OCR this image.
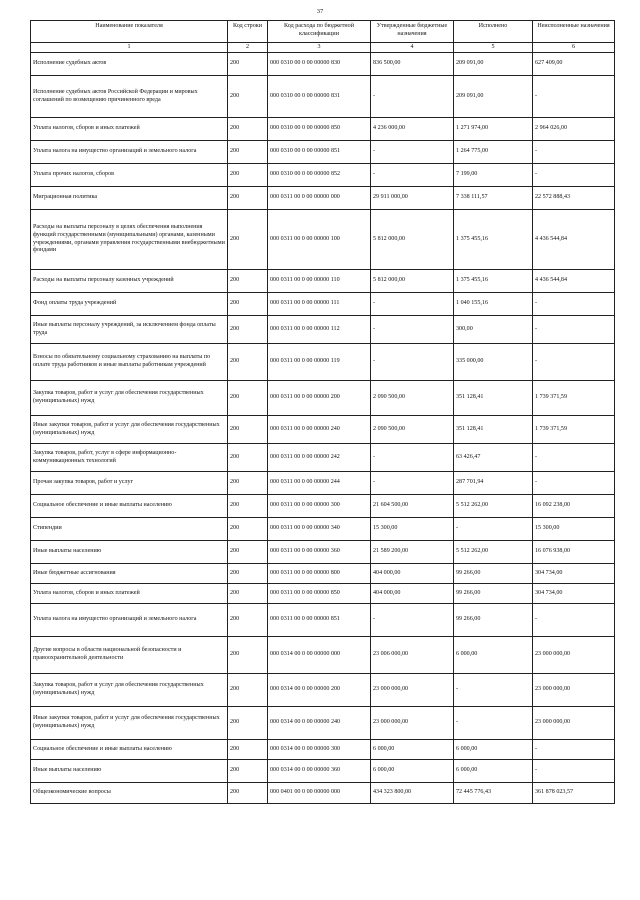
37
Наименование показателя	Код строки	Код расхода по бюджетной классификации	Утвержденные бюджетные назначения	Исполнено	Неисполненные назначения
1	2	3	4	5	6
Исполнение судебных актов	200	000 0310 00 0 00 00000 830	836 500,00	209 091,00	627 409,00
Исполнение судебных актов Российской Федерации и мировых соглашений по возмещению причиненного вреда	200	000 0310 00 0 00 00000 831	-	209 091,00	-
Уплата налогов, сборов и иных платежей	200	000 0310 00 0 00 00000 850	4 236 000,00	1 271 974,00	2 964 026,00
Уплата налога на имущество организаций и земельного налога	200	000 0310 00 0 00 00000 851	-	1 264 775,00	-
Уплата прочих налогов, сборов	200	000 0310 00 0 00 00000 852	-	7 199,00	-
Миграционная политика	200	000 0311 00 0 00 00000 000	29 911 000,00	7 338 111,57	22 572 888,43
Расходы на выплаты персоналу в целях обеспечения выполнения функций государственными (муниципальными) органами, казенными учреждениями, органами управления государственными внебюджетными фондами	200	000 0311 00 0 00 00000 100	5 812 000,00	1 375 455,16	4 436 544,84
Расходы на выплаты персоналу казенных учреждений	200	000 0311 00 0 00 00000 110	5 812 000,00	1 375 455,16	4 436 544,84
Фонд оплаты труда учреждений	200	000 0311 00 0 00 00000 111	-	1 040 155,16	-
Иные выплаты персоналу учреждений, за исключением фонда оплаты труда	200	000 0311 00 0 00 00000 112	-	300,00	-
Взносы по обязательному социальному страхованию на выплаты по оплате труда работников и иные выплаты работникам учреждений	200	000 0311 00 0 00 00000 119	-	335 000,00	-
Закупка товаров, работ и услуг для обеспечения государственных (муниципальных) нужд	200	000 0311 00 0 00 00000 200	2 090 500,00	351 128,41	1 739 371,59
Иные закупки товаров, работ и услуг для обеспечения государственных (муниципальных) нужд	200	000 0311 00 0 00 00000 240	2 090 500,00	351 128,41	1 739 371,59
Закупка товаров, работ, услуг в сфере информационно-коммуникационных технологий	200	000 0311 00 0 00 00000 242	-	63 426,47	-
Прочая закупка товаров, работ и услуг	200	000 0311 00 0 00 00000 244	-	287 701,94	-
Социальное обеспечение и иные выплаты населению	200	000 0311 00 0 00 00000 300	21 604 500,00	5 512 262,00	16 092 238,00
Стипендии	200	000 0311 00 0 00 00000 340	15 300,00	-	15 300,00
Иные выплаты населению	200	000 0311 00 0 00 00000 360	21 589 200,00	5 512 262,00	16 076 938,00
Иные бюджетные ассигнования	200	000 0311 00 0 00 00000 800	404 000,00	99 266,00	304 734,00
Уплата налогов, сборов и иных платежей	200	000 0311 00 0 00 00000 850	404 000,00	99 266,00	304 734,00
Уплата налога на имущество организаций и земельного налога	200	000 0311 00 0 00 00000 851	-	99 266,00	-
Другие вопросы в области национальной безопасности и правоохранительной деятельности	200	000 0314 00 0 00 00000 000	23 006 000,00	6 000,00	23 000 000,00
Закупка товаров, работ и услуг для обеспечения государственных (муниципальных) нужд	200	000 0314 00 0 00 00000 200	23 000 000,00	-	23 000 000,00
Иные закупки товаров, работ и услуг для обеспечения государственных (муниципальных) нужд	200	000 0314 00 0 00 00000 240	23 000 000,00	-	23 000 000,00
Социальное обеспечение и иные выплаты населению	200	000 0314 00 0 00 00000 300	6 000,00	6 000,00	-
Иные выплаты населению	200	000 0314 00 0 00 00000 360	6 000,00	6 000,00	-
Общеэкономические вопросы	200	000 0401 00 0 00 00000 000	434 323 800,00	72 445 776,43	361 878 023,57
